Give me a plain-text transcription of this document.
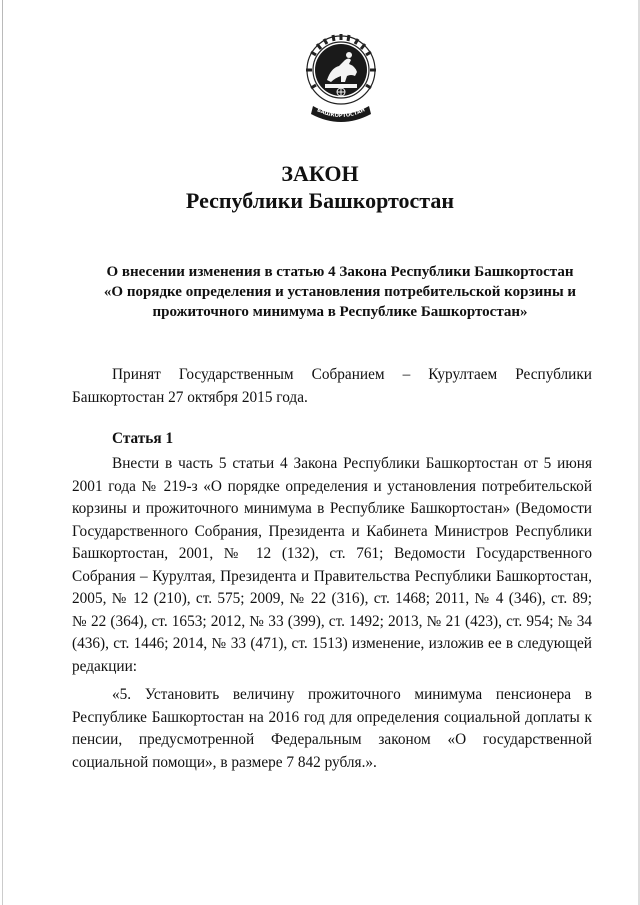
БАШКОРТОСТАН
ЗАКОН
Республики Башкортостан
О внесении изменения в статью 4 Закона Республики Башкортостан
«О порядке определения и установления потребительской корзины и
прожиточного минимума в Республике Башкортостан»
Принят Государственным Собранием – Курултаем Республики
Башкортостан 27 октября 2015 года.
Статья 1
Внести в часть 5 статьи 4 Закона Республики Башкортостан от 5 июня
2001 года № 219-з «О порядке определения и установления потребительской
корзины и прожиточного минимума в Республике Башкортостан» (Ведомости
Государственного Собрания, Президента и Кабинета Министров Республики
Башкортостан, 2001, № 12 (132), ст. 761; Ведомости Государственного
Собрания – Курултая, Президента и Правительства Республики Башкортостан,
2005, № 12 (210), ст. 575; 2009, № 22 (316), ст. 1468; 2011, № 4 (346), ст. 89;
№ 22 (364), ст. 1653; 2012, № 33 (399), ст. 1492; 2013, № 21 (423), ст. 954; № 34
(436), ст. 1446; 2014, № 33 (471), ст. 1513) изменение, изложив ее в следующей
редакции:
«5. Установить величину прожиточного минимума пенсионера в
Республике Башкортостан на 2016 год для определения социальной доплаты к
пенсии, предусмотренной Федеральным законом «О государственной
социальной помощи», в размере 7 842 рубля.».
